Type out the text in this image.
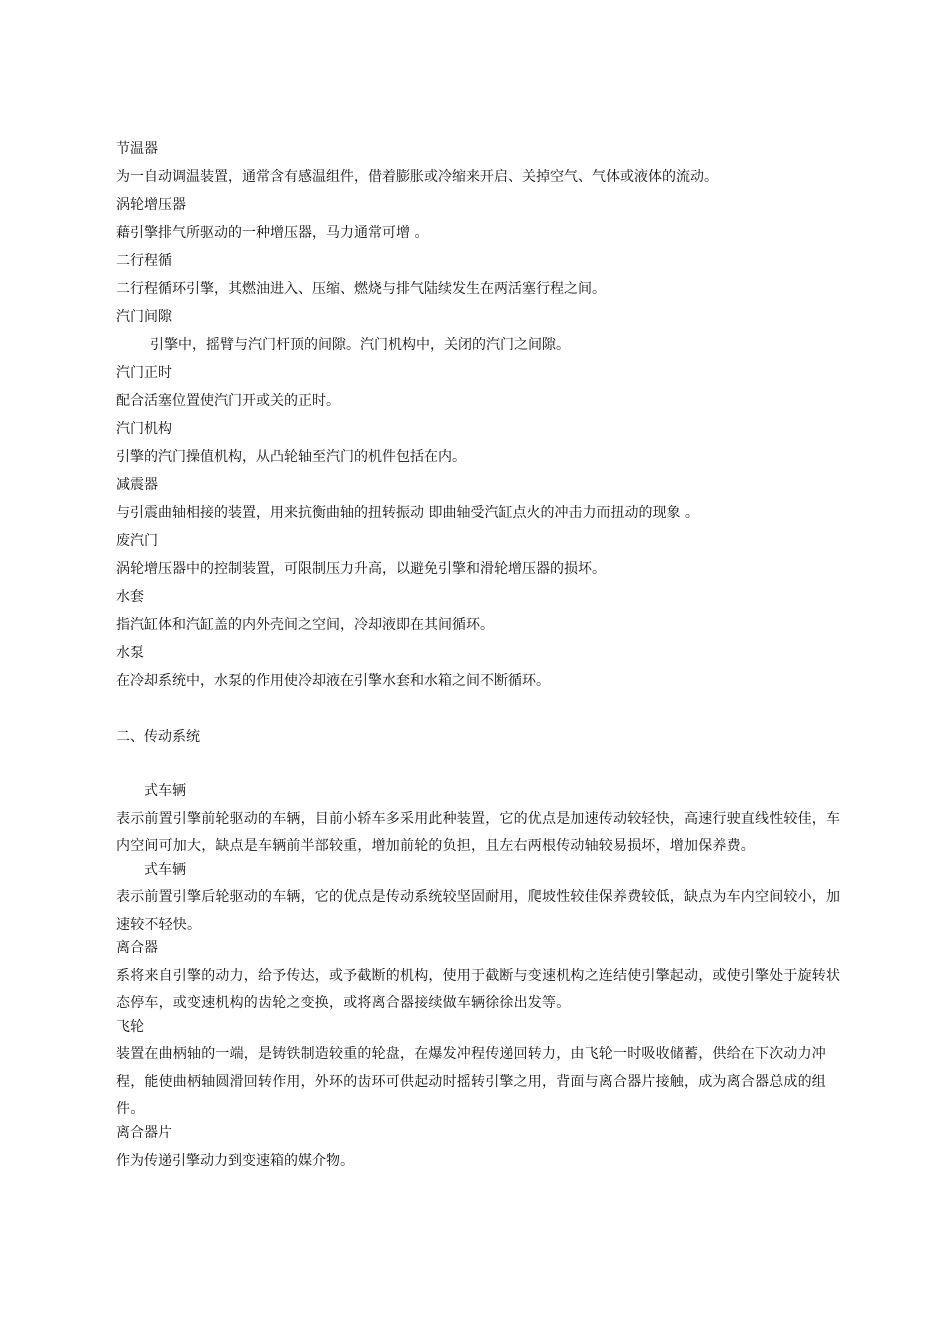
节温器
为一自动调温装置，通常含有感温组件，借着膨胀或冷缩来开启、关掉空气、气体或液体的流动。
涡轮增压器
藉引擎排气所驱动的一种增压器，马力通常可增 。
二行程循
二行程循环引擎，其燃油进入、压缩、燃烧与排气陆续发生在两活塞行程之间。
汽门间隙
引擎中，摇臂与汽门杆顶的间隙。汽门机构中，关闭的汽门之间隙。
汽门正时
配合活塞位置使汽门开或关的正时。
汽门机构
引擎的汽门操值机构，从凸轮轴至汽门的机件包括在内。
减震器
与引震曲轴相接的装置，用来抗衡曲轴的扭转振动 即曲轴受汽缸点火的冲击力而扭动的现象 。
废汽门
涡轮增压器中的控制装置，可限制压力升高，以避免引擎和滑轮增压器的损坏。
水套
指汽缸体和汽缸盖的内外壳间之空间，冷却液即在其间循环。
水泵
在冷却系统中，水泵的作用使冷却液在引擎水套和水箱之间不断循环。
二、传动系统
式车辆
表示前置引擎前轮驱动的车辆，目前小轿车多采用此种装置，它的优点是加速传动较轻快，高速行驶直线性较佳，车内空间可加大，缺点是车辆前半部较重，增加前轮的负担，且左右两根传动轴较易损坏，增加保养费。
式车辆
表示前置引擎后轮驱动的车辆，它的优点是传动系统较坚固耐用，爬坡性较佳保养费较低，缺点为车内空间较小，加速较不轻快。
离合器
系将来自引擎的动力，给予传达，或予截断的机构，使用于截断与变速机构之连结使引擎起动，或使引擎处于旋转状态停车，或变速机构的齿轮之变换，或将离合器接续做车辆徐徐出发等。
飞轮
装置在曲柄轴的一端，是铸铁制造较重的轮盘，在爆发冲程传递回转力，由飞轮一时吸收储蓄，供给在下次动力冲程，能使曲柄轴圆滑回转作用，外环的齿环可供起动时摇转引擎之用，背面与离合器片接触，成为离合器总成的组件。
离合器片
作为传递引擎动力到变速箱的媒介物。
